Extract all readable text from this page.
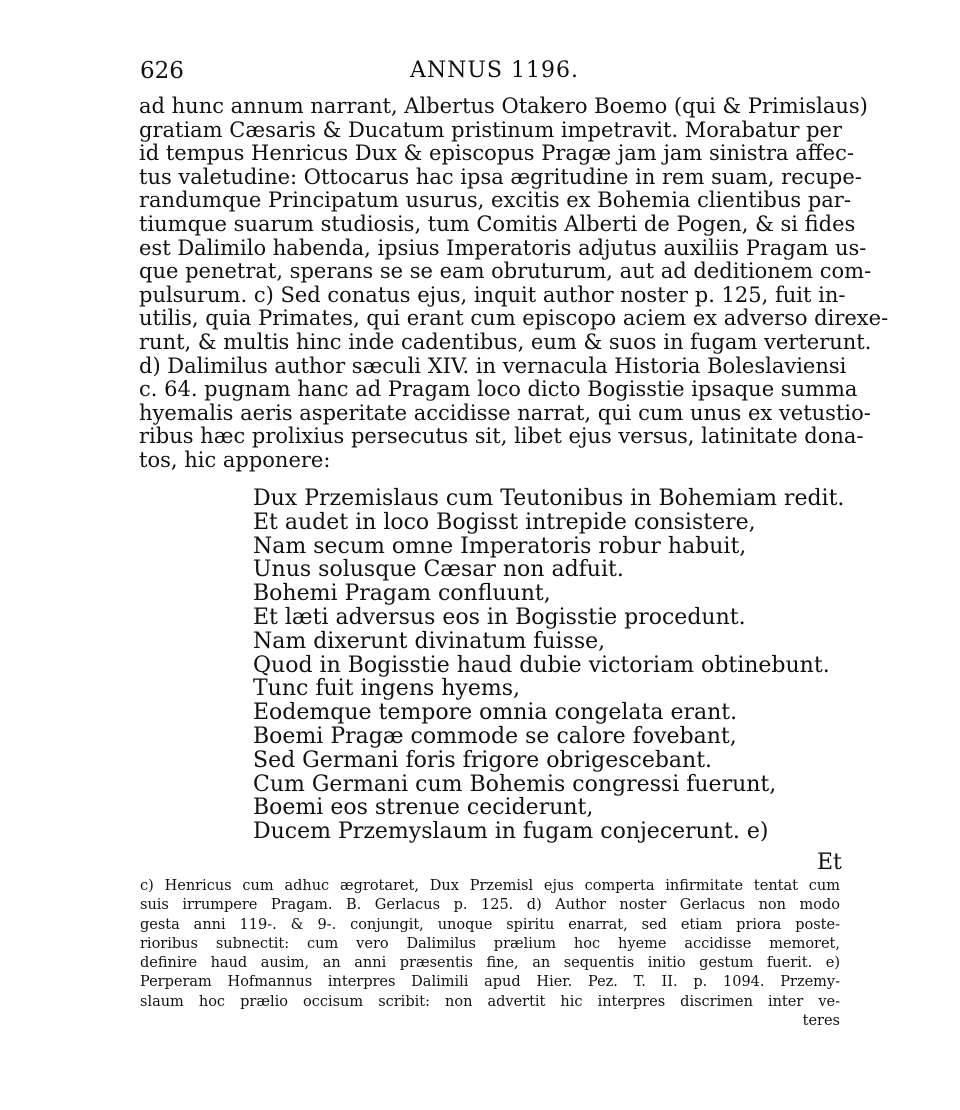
626	ANNUS 1196.
ad hunc annum narrant, Albertus Otakero Boemo (qui & Primislaus)
gratiam Cæsaris & Ducatum pristinum impetravit. Morabatur per
id tempus Henricus Dux & episcopus Pragæ jam jam sinistra affec-
tus valetudine: Ottocarus hac ipsa ægritudine in rem suam, recupe-
randumque Principatum usurus, excitis ex Bohemia clientibus par-
tiumque suarum studiosis, tum Comitis Alberti de Pogen, & si fides
est Dalimilo habenda, ipsius Imperatoris adjutus auxiliis Pragam us-
que penetrat, sperans se se eam obruturum, aut ad deditionem com-
pulsurum. c) Sed conatus ejus, inquit author noster p. 125, fuit in-
utilis, quia Primates, qui erant cum episcopo aciem ex adverso direxe-
runt, & multis hinc inde cadentibus, eum & suos in fugam verterunt.
d) Dalimilus author sæculi XIV. in vernacula Historia Boleslaviensi
c. 64. pugnam hanc ad Pragam loco dicto Bogisstie ipsaque summa
hyemalis aeris asperitate accidisse narrat, qui cum unus ex vetustio-
ribus hæc prolixius persecutus sit, libet ejus versus, latinitate dona-
tos, hic apponere:
Dux Przemislaus cum Teutonibus in Bohemiam redit.
Et audet in loco Bogisst intrepide consistere,
Nam secum omne Imperatoris robur habuit,
Unus solusque Cæsar non adfuit.
Bohemi Pragam confluunt,
Et læti adversus eos in Bogisstie procedunt.
Nam dixerunt divinatum fuisse,
Quod in Bogisstie haud dubie victoriam obtinebunt.
Tunc fuit ingens hyems,
Eodemque tempore omnia congelata erant.
Boemi Pragæ commode se calore fovebant,
Sed Germani foris frigore obrigescebant.
Cum Germani cum Bohemis congressi fuerunt,
Boemi eos strenue ceciderunt,
Ducem Przemyslaum in fugam conjecerunt. e)
Et
c) Henricus cum adhuc ægrotaret, Dux Przemisl ejus comperta infirmitate tentat cum
suis irrumpere Pragam. B. Gerlacus p. 125. d) Author noster Gerlacus non modo
gesta anni 119-. & 9-. conjungit, unoque spiritu enarrat, sed etiam priora poste-
rioribus subnectit: cum vero Dalimilus prælium hoc hyeme accidisse memoret,
definire haud ausim, an anni præsentis fine, an sequentis initio gestum fuerit. e)
Perperam Hofmannus interpres Dalimili apud Hier. Pez. T. II. p. 1094. Przemy-
slaum hoc prælio occisum scribit: non advertit hic interpres discrimen inter ve-
teres
